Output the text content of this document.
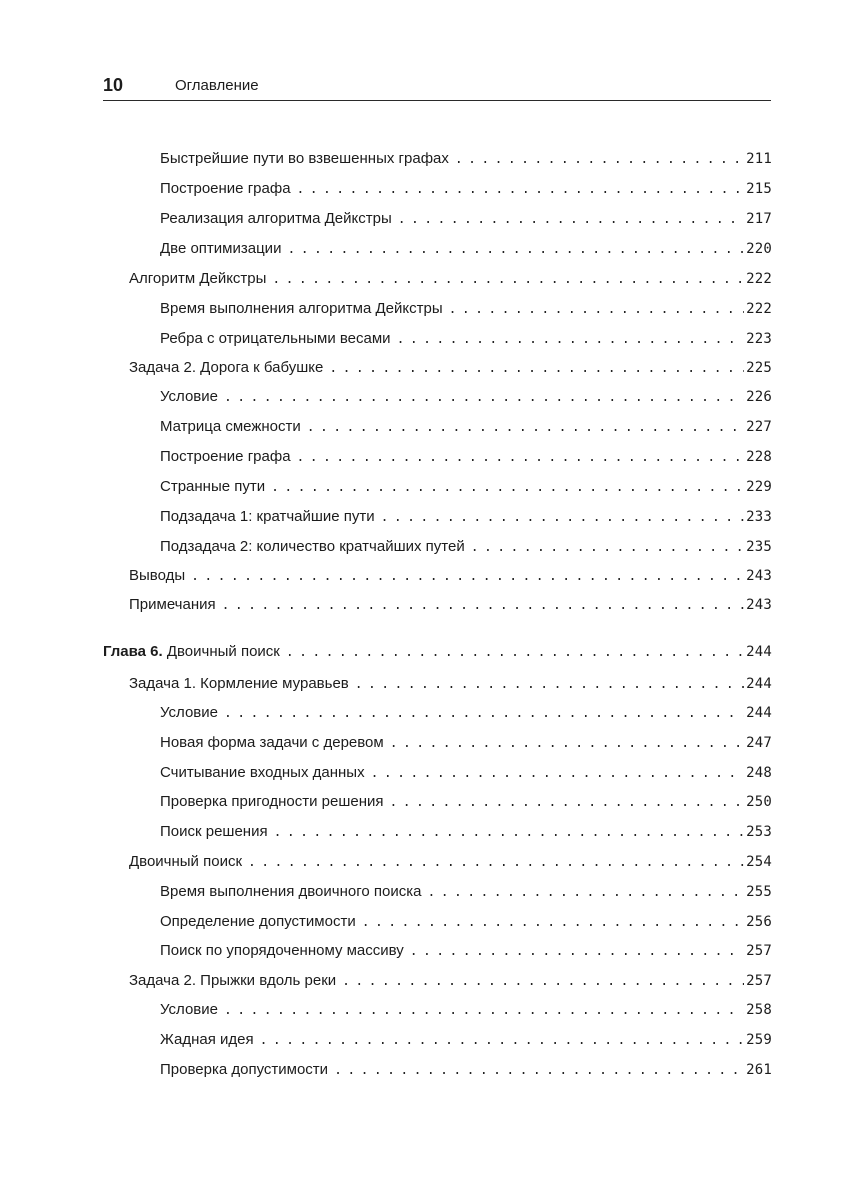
10	Оглавление
Быстрейшие пути во взвешенных графах . . .	211
Построение графа . . .	215
Реализация алгоритма Дейкстры . . .	217
Две оптимизации . . .	220
Алгоритм Дейкстры . . .	222
Время выполнения алгоритма Дейкстры . . .	222
Ребра с отрицательными весами . . .	223
Задача 2. Дорога к бабушке . . .	225
Условие . . .	226
Матрица смежности . . .	227
Построение графа . . .	228
Странные пути . . .	229
Подзадача 1: кратчайшие пути . . .	233
Подзадача 2: количество кратчайших путей . . .	235
Выводы . . .	243
Примечания . . .	243
Глава 6. Двоичный поиск . . .	244
Задача 1. Кормление муравьев . . .	244
Условие . . .	244
Новая форма задачи с деревом . . .	247
Считывание входных данных . . .	248
Проверка пригодности решения . . .	250
Поиск решения . . .	253
Двоичный поиск . . .	254
Время выполнения двоичного поиска . . .	255
Определение допустимости . . .	256
Поиск по упорядоченному массиву . . .	257
Задача 2. Прыжки вдоль реки . . .	257
Условие . . .	258
Жадная идея . . .	259
Проверка допустимости . . .	261
